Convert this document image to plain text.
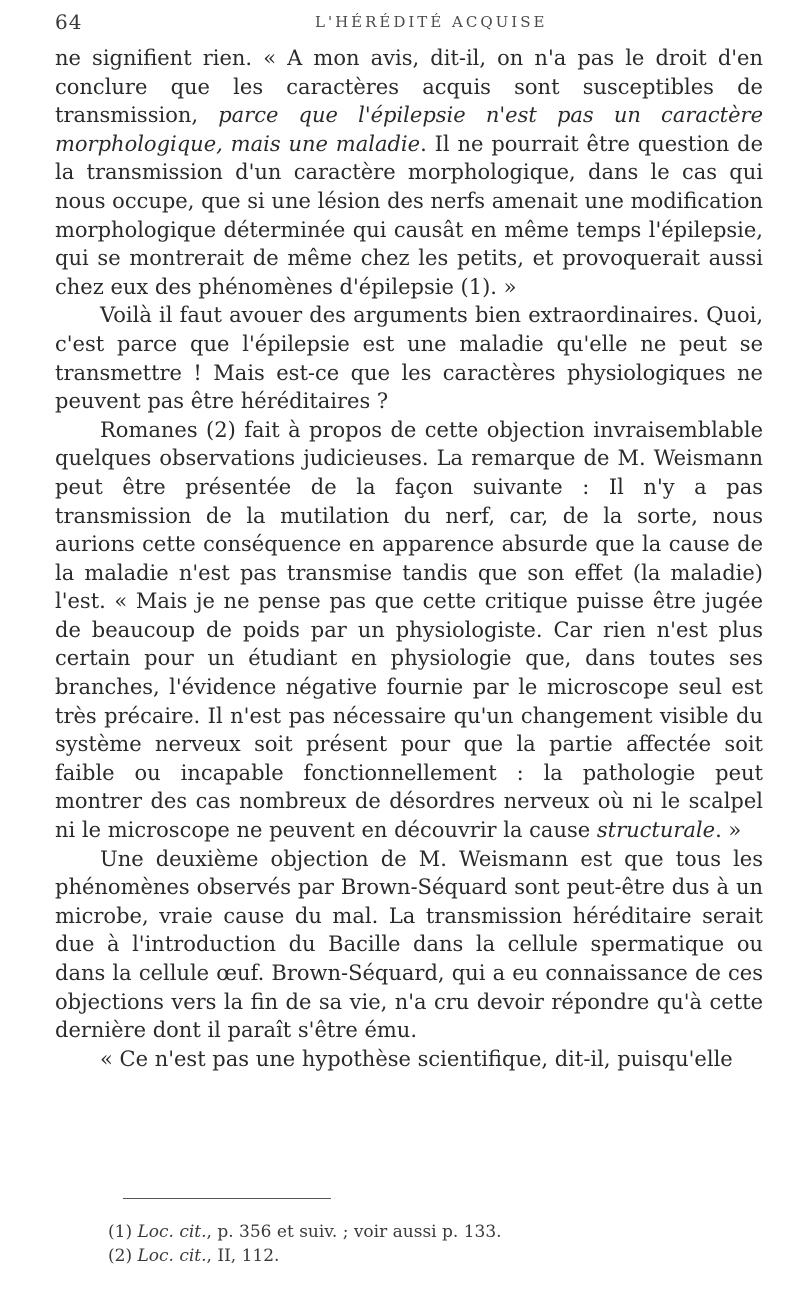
64	L'HÉRÉDITÉ ACQUISE

ne signifient rien. « A mon avis, dit-il, on n'a pas le droit d'en conclure que les caractères acquis sont susceptibles de transmission, parce que l'épilepsie n'est pas un caractère morphologique, mais une maladie. Il ne pourrait être question de la transmission d'un caractère morphologique, dans le cas qui nous occupe, que si une lésion des nerfs amenait une modification morphologique déterminée qui causât en même temps l'épilepsie, qui se montrerait de même chez les petits, et provoquerait aussi chez eux des phénomènes d'épilepsie (1). »

Voilà il faut avouer des arguments bien extraordinaires. Quoi, c'est parce que l'épilepsie est une maladie qu'elle ne peut se transmettre ! Mais est-ce que les caractères physiologiques ne peuvent pas être héréditaires ?

Romanes (2) fait à propos de cette objection invraisemblable quelques observations judicieuses. La remarque de M. Weismann peut être présentée de la façon suivante : Il n'y a pas transmission de la mutilation du nerf, car, de la sorte, nous aurions cette conséquence en apparence absurde que la cause de la maladie n'est pas transmise tandis que son effet (la maladie) l'est. « Mais je ne pense pas que cette critique puisse être jugée de beaucoup de poids par un physiologiste. Car rien n'est plus certain pour un étudiant en physiologie que, dans toutes ses branches, l'évidence négative fournie par le microscope seul est très précaire. Il n'est pas nécessaire qu'un changement visible du système nerveux soit présent pour que la partie affectée soit faible ou incapable fonctionnellement : la pathologie peut montrer des cas nombreux de désordres nerveux où ni le scalpel ni le microscope ne peuvent en découvrir la cause structurale. »

Une deuxième objection de M. Weismann est que tous les phénomènes observés par Brown-Séquard sont peut-être dus à un microbe, vraie cause du mal. La transmission héréditaire serait due à l'introduction du Bacille dans la cellule spermatique ou dans la cellule œuf. Brown-Séquard, qui a eu connaissance de ces objections vers la fin de sa vie, n'a cru devoir répondre qu'à cette dernière dont il paraît s'être ému.

« Ce n'est pas une hypothèse scientifique, dit-il, puisqu'elle

(1) Loc. cit., p. 356 et suiv. ; voir aussi p. 133.
(2) Loc. cit., II, 112.
